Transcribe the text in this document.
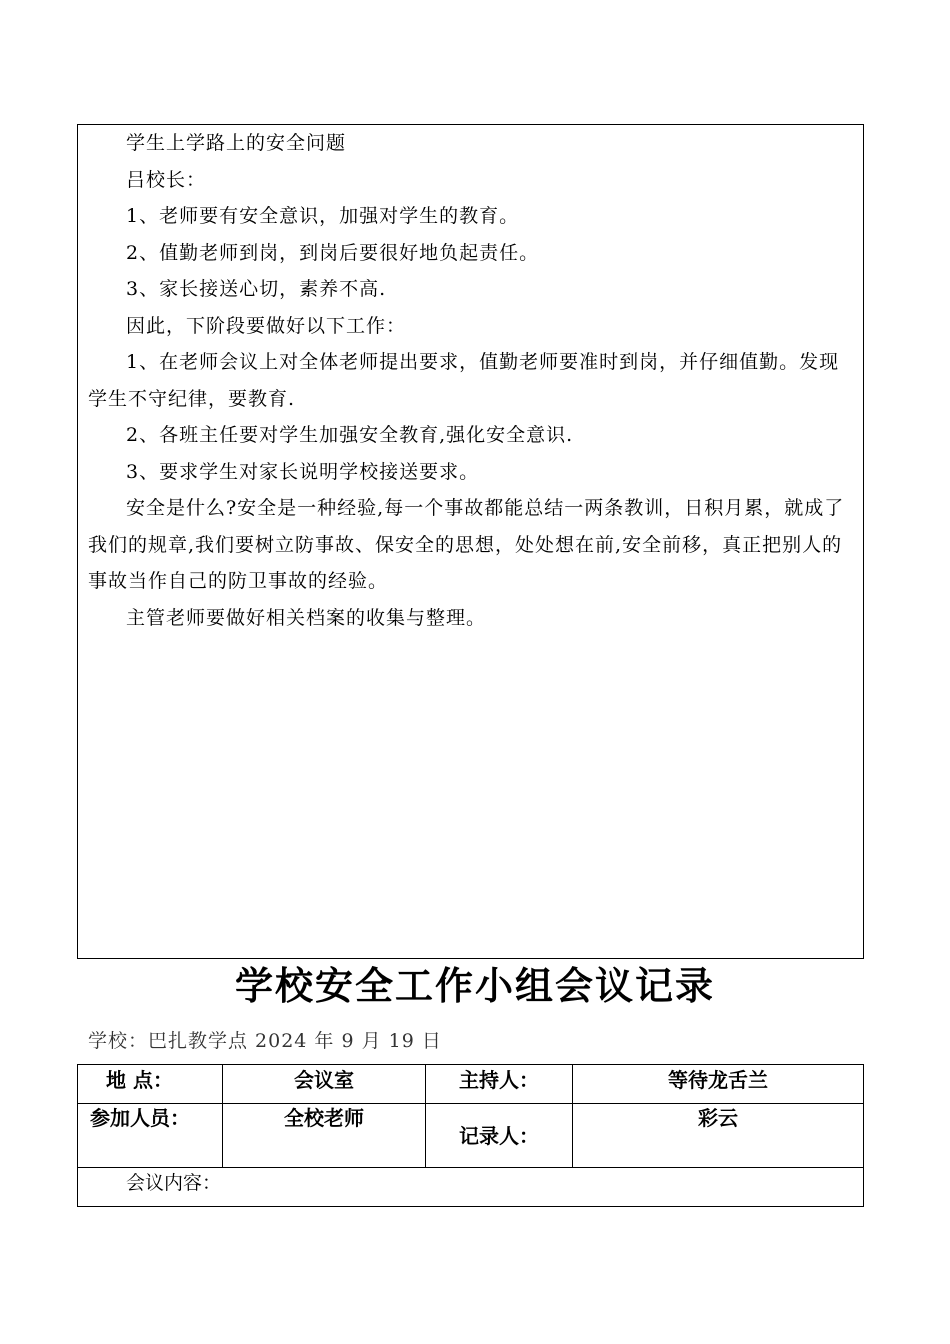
学生上学路上的安全问题

吕校长：

1、老师要有安全意识，加强对学生的教育。

2、值勤老师到岗，到岗后要很好地负起责任。

3、家长接送心切，素养不高.

因此，下阶段要做好以下工作：

1、在老师会议上对全体老师提出要求，值勤老师要准时到岗，并仔细值勤。发现学生不守纪律，要教育.

2、各班主任要对学生加强安全教育,强化安全意识.

3、要求学生对家长说明学校接送要求。

安全是什么?安全是一种经验,每一个事故都能总结一两条教训，日积月累，就成了我们的规章,我们要树立防事故、保安全的思想，处处想在前,安全前移，真正把别人的事故当作自己的防卫事故的经验。

主管老师要做好相关档案的收集与整理。

学校安全工作小组会议记录
学校：巴扎教学点 2024 年 9 月 19 日
地 点：	会议室	主持人：	等待龙舌兰
参加人员：	全校老师	记录人：	彩云
会议内容：			
